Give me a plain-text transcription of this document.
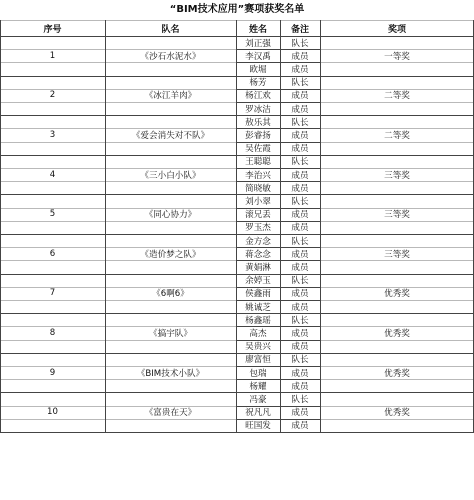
“BIM技术应用”赛项获奖名单
序号	队名	姓名	备注	奖项
1	《沙石水泥水》	一等奖
刘正强	队长
李汉禹	成员
欧堀	成员
2	《冰江羊肉》	二等奖
杨芳	队长
杨江欢	成员
罗冰洁	成员
3	《爱会消失对不队》	二等奖
敖乐其	队长
彭睿扬	成员
吴佐霞	成员
4	《三小白小队》	三等奖
王聪聪	队长
李治兴	成员
简晓敏	成员
5	《同心协力》	三等奖
刘小翠	队长
滚兄丢	成员
罗玉杰	成员
6	《造价梦之队》	三等奖
金方念	队长
蒋念念	成员
黄娟淋	成员
7	《6啊6》	优秀奖
余婷玉	队长
侯鑫雨	成员
姚诚芝	成员
8	《搞宇队》	优秀奖
杨鑫瑶	队长
高杰	成员
吴贵兴	成员
9	《BIM技术小队》	优秀奖
廖富恒	队长
包瑞	成员
杨耀	成员
10	《富贵在天》	优秀奖
冯豪	队长
祝凡凡	成员
旺国发	成员
